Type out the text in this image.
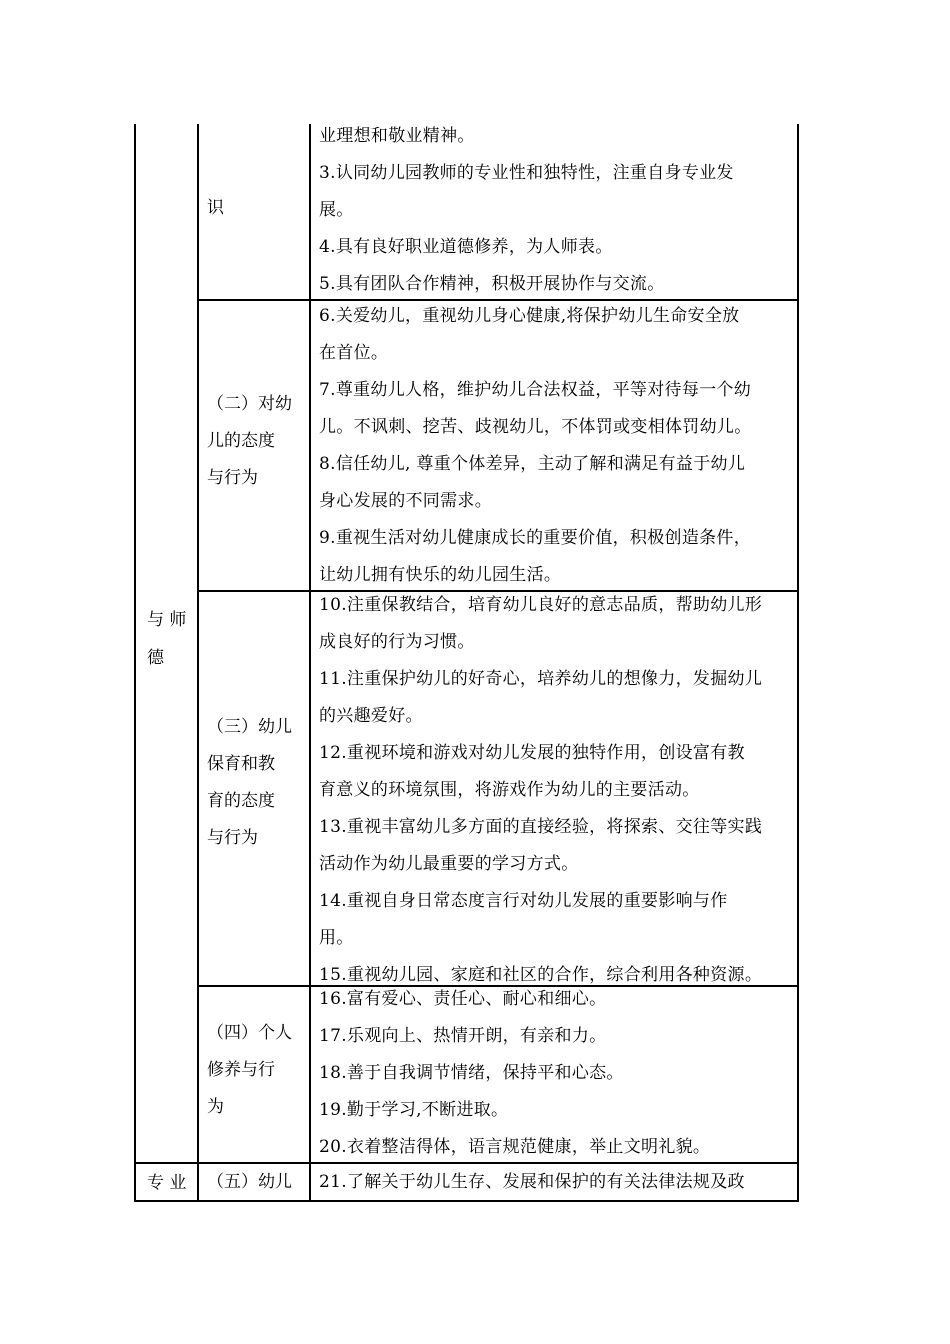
与 师
德
专 业
识
（二）对幼
儿的态度
与行为
（三）幼儿
保育和教
育的态度
与行为
（四）个人
修养与行
为
（五）幼儿
业理想和敬业精神。
3.认同幼儿园教师的专业性和独特性，注重自身专业发
展。
4.具有良好职业道德修养，为人师表。
5.具有团队合作精神，积极开展协作与交流。
6.关爱幼儿，重视幼儿身心健康,将保护幼儿生命安全放
在首位。
7.尊重幼儿人格，维护幼儿合法权益，平等对待每一个幼
儿。不讽刺、挖苦、歧视幼儿，不体罚或变相体罚幼儿。
8.信任幼儿, 尊重个体差异，主动了解和满足有益于幼儿
身心发展的不同需求。
9.重视生活对幼儿健康成长的重要价值，积极创造条件，
让幼儿拥有快乐的幼儿园生活。
10.注重保教结合，培育幼儿良好的意志品质，帮助幼儿形
成良好的行为习惯。
11.注重保护幼儿的好奇心，培养幼儿的想像力，发掘幼儿
的兴趣爱好。
12.重视环境和游戏对幼儿发展的独特作用，创设富有教
育意义的环境氛围，将游戏作为幼儿的主要活动。
13.重视丰富幼儿多方面的直接经验，将探索、交往等实践
活动作为幼儿最重要的学习方式。
14.重视自身日常态度言行对幼儿发展的重要影响与作
用。
15.重视幼儿园、家庭和社区的合作，综合利用各种资源。
16.富有爱心、责任心、耐心和细心。
17.乐观向上、热情开朗，有亲和力。
18.善于自我调节情绪，保持平和心态。
19.勤于学习,不断进取。
20.衣着整洁得体，语言规范健康，举止文明礼貌。
21.了解关于幼儿生存、发展和保护的有关法律法规及政
